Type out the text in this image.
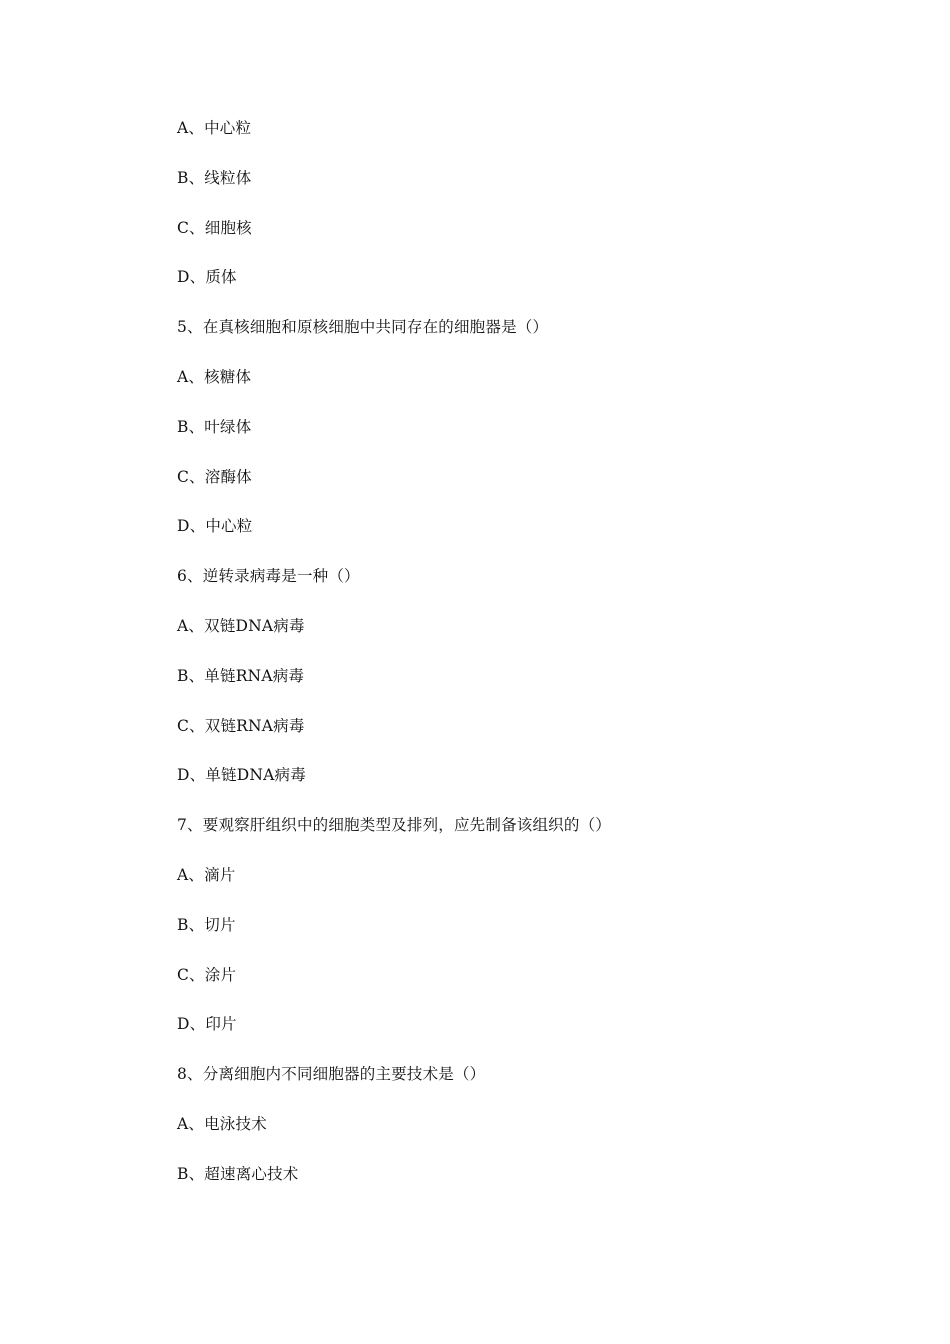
A、中心粒
B、线粒体
C、细胞核
D、质体
5、在真核细胞和原核细胞中共同存在的细胞器是（）
A、核糖体
B、叶绿体
C、溶酶体
D、中心粒
6、逆转录病毒是一种（）
A、双链DNA病毒
B、单链RNA病毒
C、双链RNA病毒
D、单链DNA病毒
7、要观察肝组织中的细胞类型及排列，应先制备该组织的（）
A、滴片
B、切片
C、涂片
D、印片
8、分离细胞内不同细胞器的主要技术是（）
A、电泳技术
B、超速离心技术
